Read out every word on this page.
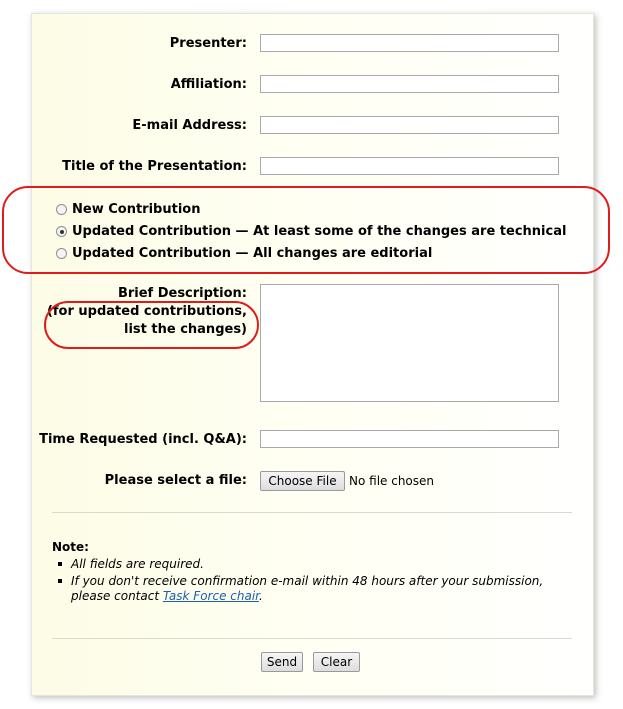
Presenter:
Affiliation:
E-mail Address:
Title of the Presentation:
New Contribution
Updated Contribution — At least some of the changes are technical
Updated Contribution — All changes are editorial
Brief Description:
(for updated contributions,
list the changes)
Time Requested (incl. Q&A):
Please select a file:	Choose File	No file chosen
Note:
All fields are required.
If you don't receive confirmation e-mail within 48 hours after your submission, please contact Task Force chair.
Send	Clear
